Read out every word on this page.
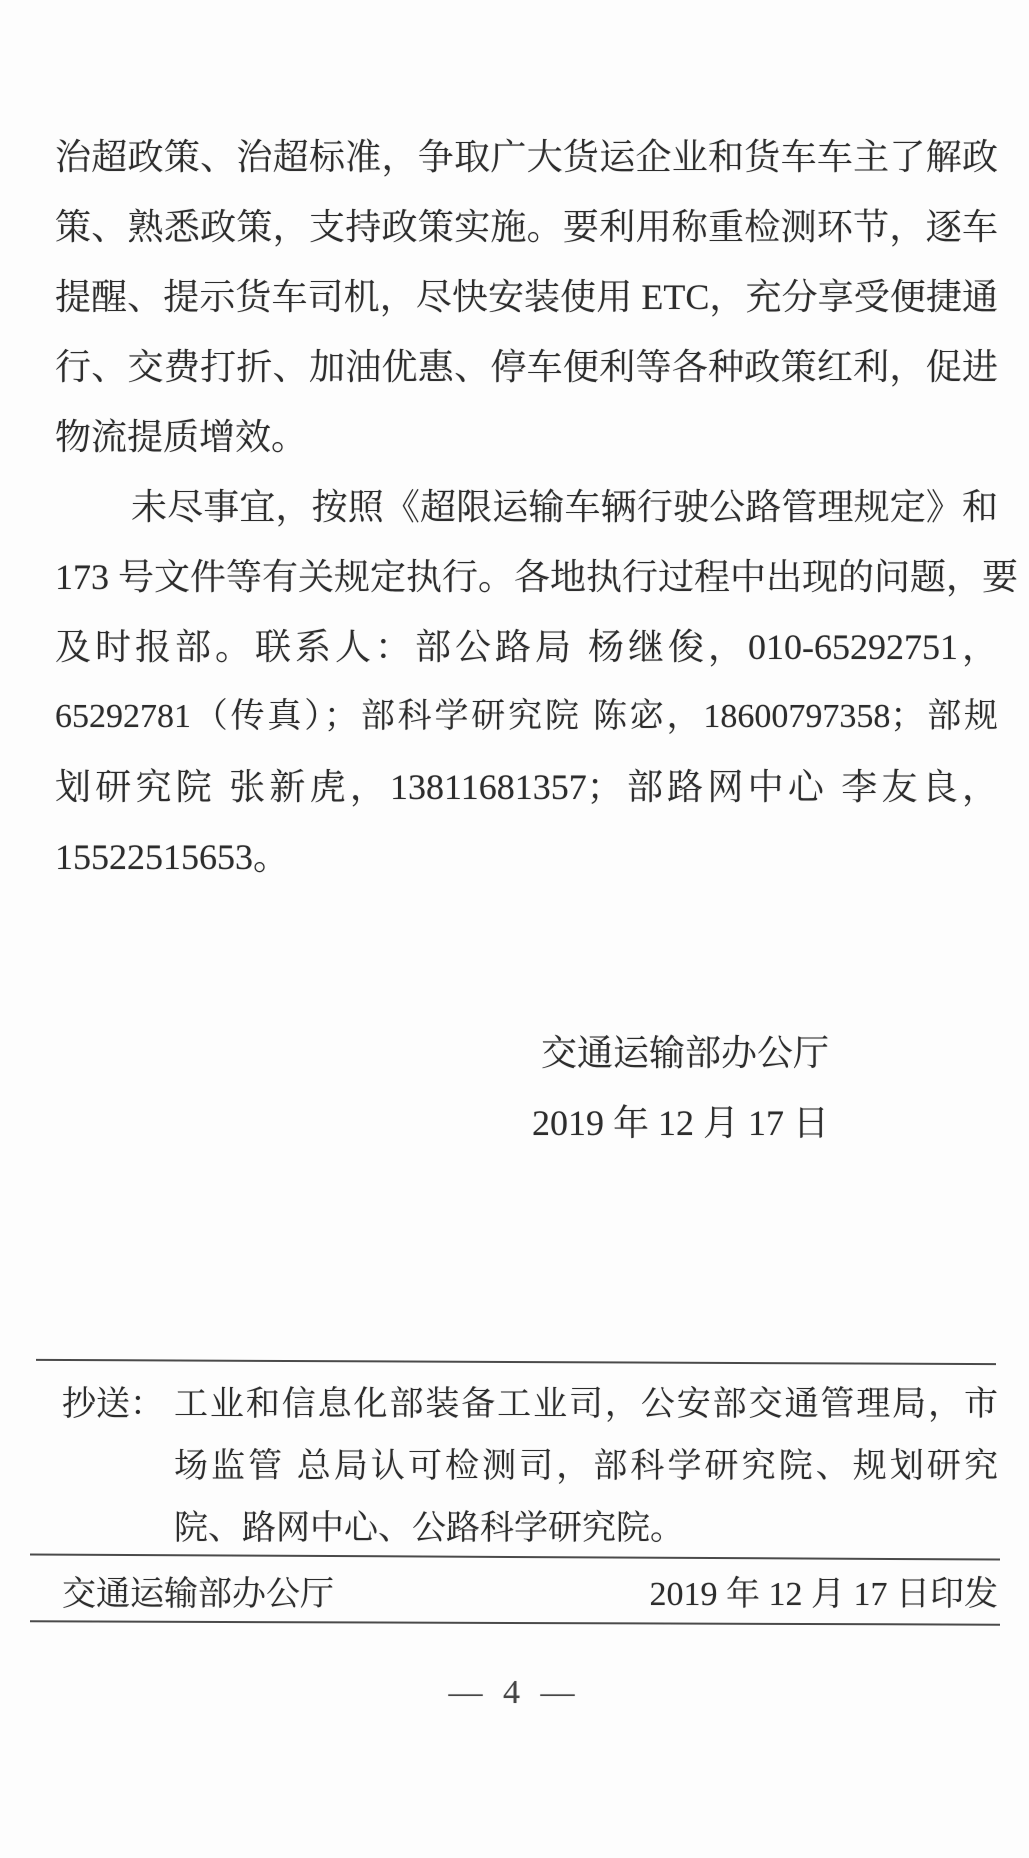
治超政策、治超标准，争取广大货运企业和货车车主了解政
策、熟悉政策，支持政策实施。要利用称重检测环节，逐车
提醒、提示货车司机，尽快安装使用 ETC，充分享受便捷通
行、交费打折、加油优惠、停车便利等各种政策红利，促进
物流提质增效。
未尽事宜，按照《超限运输车辆行驶公路管理规定》和
173 号文件等有关规定执行。各地执行过程中出现的问题，要
及时报部。联系人：部公路局 杨继俊，010-65292751，
65292781（传真）；部科学研究院 陈宓，18600797358；部规
划研究院 张新虎，13811681357；部路网中心 李友良，
15522515653。
交通运输部办公厅
2019 年 12 月 17 日
抄送： 工业和信息化部装备工业司，公安部交通管理局，市
场监管 总局认可检测司，部科学研究院、规划研究
院、路网中心、公路科学研究院。
交通运输部办公厅	2019 年 12 月 17 日印发
— 4 —
